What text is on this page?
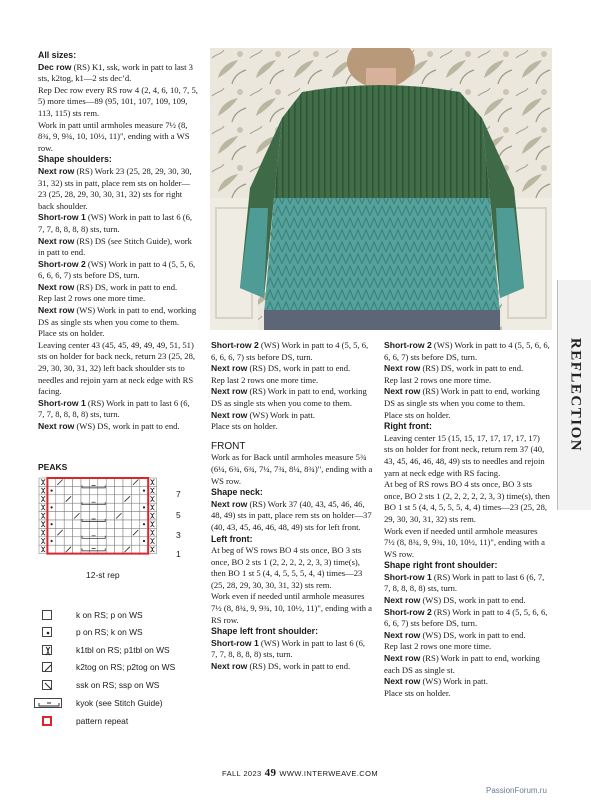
REFLECTION

All sizes:

Dec row (RS) K1, ssk, work in patt to last 3 sts, k2tog, k1—2 sts dec’d.

Rep Dec row every RS row 4 (2, 4, 6, 10, 7, 5, 5) more times—89 (95, 101, 107, 109, 109, 113, 115) sts rem.

Work in patt until armholes measure 7½ (8, 8¾, 9, 9¾, 10, 10½, 11)", ending with a WS row.

Shape shoulders:

Next row (RS) Work 23 (25, 28, 29, 30, 30, 31, 32) sts in patt, place rem sts on holder—23 (25, 28, 29, 30, 30, 31, 32) sts for right back shoulder.

Short-row 1 (WS) Work in patt to last 6 (6, 7, 7, 8, 8, 8, 8) sts, turn.

Next row (RS) DS (see Stitch Guide), work in patt to end.

Short-row 2 (WS) Work in patt to 4 (5, 5, 6, 6, 6, 6, 7) sts before DS, turn.

Next row (RS) DS, work in patt to end.

Rep last 2 rows one more time.

Next row (WS) Work in patt to end, working DS as single sts when you come to them.

Place sts on holder.

Leaving center 43 (45, 45, 49, 49, 49, 51, 51) sts on holder for back neck, return 23 (25, 28, 29, 30, 30, 31, 32) left back shoulder sts to needles and rejoin yarn at neck edge with RS facing.

Short-row 1 (RS) Work in patt to last 6 (6, 7, 7, 8, 8, 8, 8) sts, turn.

Next row (WS) DS, work in patt to end.

Short-row 2 (WS) Work in patt to 4 (5, 5, 6, 6, 6, 6, 7) sts before DS, turn.

Next row (RS) DS, work in patt to end.

Rep last 2 rows one more time.

Next row (RS) Work in patt to end, working DS as single sts when you come to them.

Next row (WS) Work in patt.

Place sts on holder.

FRONT

Work as for Back until armholes measure 5¾ (6¼, 6¾, 6¾, 7¼, 7¾, 8¼, 8¾)", ending with a WS row.

Shape neck:

Next row (RS) Work 37 (40, 43, 45, 46, 46, 48, 49) sts in patt, place rem sts on holder—37 (40, 43, 45, 46, 46, 48, 49) sts for left front.

Left front:

At beg of WS rows BO 4 sts once, BO 3 sts once, BO 2 sts 1 (2, 2, 2, 2, 2, 3, 3) time(s), then BO 1 st 5 (4, 4, 5, 5, 5, 4, 4) times—23 (25, 28, 29, 30, 30, 31, 32) sts rem.

Work even if needed until armhole measures 7½ (8, 8¾, 9, 9¾, 10, 10½, 11)", ending with a RS row.

Shape left front shoulder:

Short-row 1 (WS) Work in patt to last 6 (6, 7, 7, 8, 8, 8, 8) sts, turn.

Next row (RS) DS, work in patt to end.

Short-row 2 (WS) Work in patt to 4 (5, 5, 6, 6, 6, 6, 7) sts before DS, turn.

Next row (RS) DS, work in patt to end.

Rep last 2 rows one more time.

Next row (RS) Work in patt to end, working DS as single sts when you come to them.

Place sts on holder.

Right front:

Leaving center 15 (15, 15, 17, 17, 17, 17, 17) sts on holder for front neck, return rem 37 (40, 43, 45, 46, 46, 48, 49) sts to needles and rejoin yarn at neck edge with RS facing.

At beg of RS rows BO 4 sts once, BO 3 sts once, BO 2 sts 1 (2, 2, 2, 2, 2, 3, 3) time(s), then BO 1 st 5 (4, 4, 5, 5, 5, 4, 4) times—23 (25, 28, 29, 30, 30, 31, 32) sts rem.

Work even if needed until armhole measures 7½ (8, 8¾, 9, 9¾, 10, 10½, 11)", ending with a WS row.

Shape right front shoulder:

Short-row 1 (RS) Work in patt to last 6 (6, 7, 7, 8, 8, 8, 8) sts, turn.

Next row (WS) DS, work in patt to end.

Short-row 2 (RS) Work in patt to 4 (5, 5, 6, 6, 6, 6, 7) sts before DS, turn.

Next row (WS) DS, work in patt to end.

Rep last 2 rows one more time.

Next row (RS) Work in patt to end, working each DS as single st.

Next row (WS) Work in patt.

Place sts on holder.

PEAKS
7
5
3
1
12-st rep
k on RS; p on WS
p on RS; k on WS
k1tbl on RS; p1tbl on WS
k2tog on RS; p2tog on WS
ssk on RS; ssp on WS
kyok (see Stitch Guide)
pattern repeat
FALL 2023 49 WWW.INTERWEAVE.COM
PassionForum.ru
